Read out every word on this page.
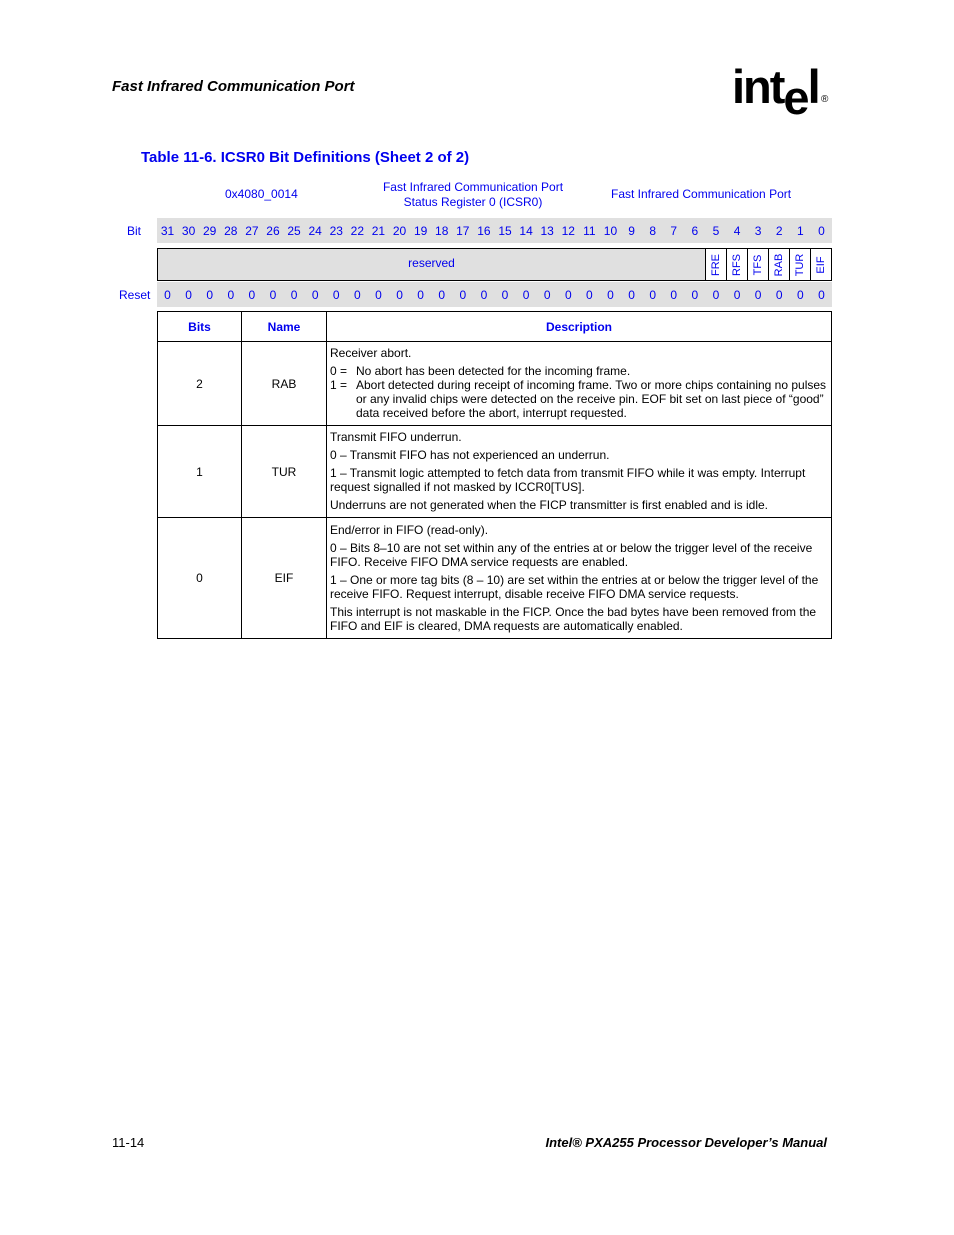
Fast Infrared Communication Port	intel ®
Table 11-6. ICSR0 Bit Definitions (Sheet 2 of 2)
0x4080_0014	Fast Infrared Communication Port
Status Register 0 (ICSR0)
Fast Infrared Communication Port
Bit	31 30 29 28 27 26 25 24 23 22 21 20 19 18 17 16 15 14 13 12 11 10 9	8	7	6	5	4	3	2	1	0
reserved	FRE RFS TFS RAB TUR EIF
Reset	0	0	0	0	0	0	0	0	0	0	0	0	0	0	0	0	0	0	0	0	0	0	0	0	0	0	0	0	0	0	0	0
Bits	Name	Description
2	RAB	Receiver abort.

0 = No abort has been detected for the incoming frame.
1 = Abort detected during receipt of incoming frame. Two or more chips containing no pulses or any invalid chips were detected on the receive pin. EOF bit set on last piece of “good” data received before the abort, interrupt requested.

1	TUR	Transmit FIFO underrun.

0 – Transmit FIFO has not experienced an underrun.

1 – Transmit logic attempted to fetch data from transmit FIFO while it was empty. Interrupt request signalled if not masked by ICCR0[TUS].

Underruns are not generated when the FICP transmitter is first enabled and is idle.

0	EIF	End/error in FIFO (read-only).

0 – Bits 8–10 are not set within any of the entries at or below the trigger level of the receive FIFO. Receive FIFO DMA service requests are enabled.

1 – One or more tag bits (8 – 10) are set within the entries at or below the trigger level of the receive FIFO. Request interrupt, disable receive FIFO DMA service requests.

This interrupt is not maskable in the FICP. Once the bad bytes have been removed from the FIFO and EIF is cleared, DMA requests are automatically enabled.

11-14	Intel® PXA255 Processor Developer’s Manual
